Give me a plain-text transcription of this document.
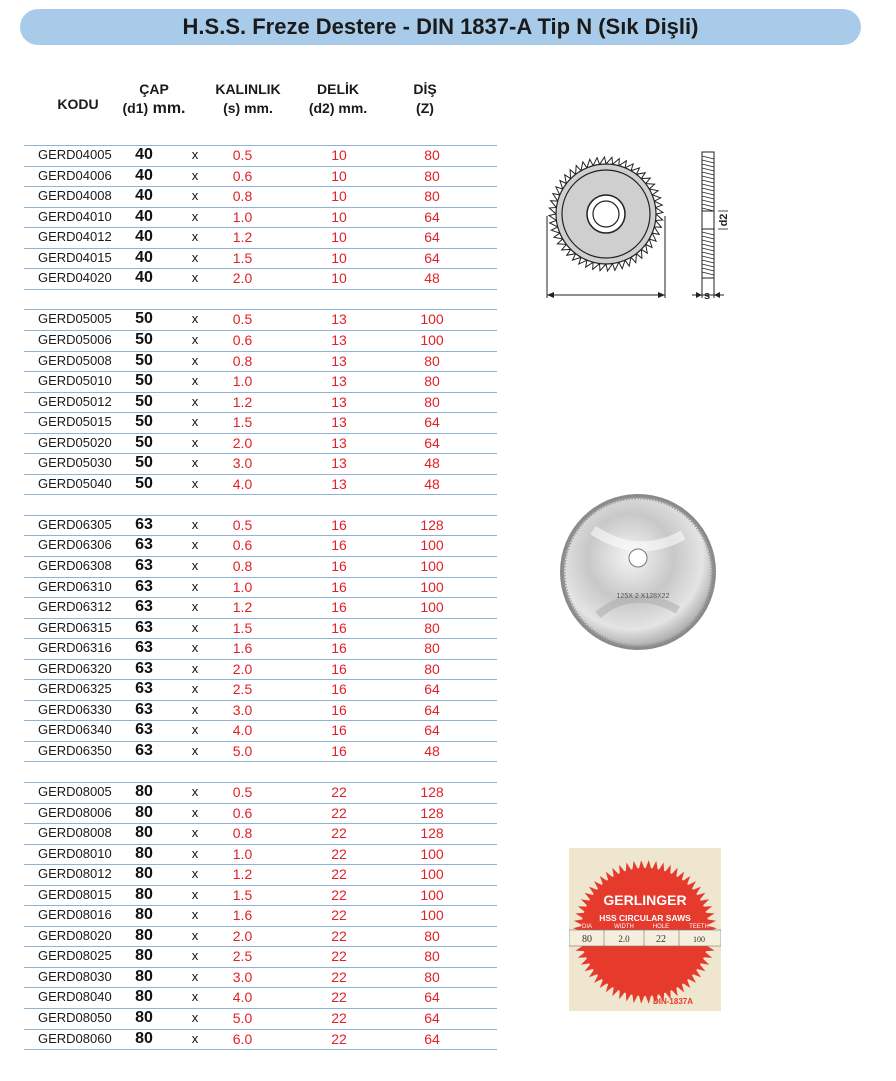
H.S.S. Freze Destere - DIN 1837-A Tip N (Sık Dişli)
KODU
ÇAP
(d1) mm.
KALINLIK
(s) mm.
DELİK
(d2) mm.
DİŞ
(Z)
GERD04005 40	x	0.5	10	80
GERD04006 40	x	0.6	10	80
GERD04008 40	x	0.8	10	80
GERD04010 40	x	1.0	10	64
GERD04012 40	x	1.2	10	64
GERD04015 40	x	1.5	10	64
GERD04020 40	x	2.0	10	48
GERD05005 50	x	0.5	13	100
GERD05006 50	x	0.6	13	100
GERD05008 50	x	0.8	13	80
GERD05010 50	x	1.0	13	80
GERD05012 50	x	1.2	13	80
GERD05015 50	x	1.5	13	64
GERD05020 50	x	2.0	13	64
GERD05030 50	x	3.0	13	48
GERD05040 50	x	4.0	13	48
GERD06305 63	x	0.5	16	128
GERD06306 63	x	0.6	16	100
GERD06308 63	x	0.8	16	100
GERD06310 63	x	1.0	16	100
GERD06312 63	x	1.2	16	100
GERD06315 63	x	1.5	16	80
GERD06316 63	x	1.6	16	80
GERD06320 63	x	2.0	16	80
GERD06325 63	x	2.5	16	64
GERD06330 63	x	3.0	16	64
GERD06340 63	x	4.0	16	64
GERD06350 63	x	5.0	16	48
GERD08005 80	x	0.5	22	128
GERD08006 80	x	0.6	22	128
GERD08008 80	x	0.8	22	128
GERD08010 80	x	1.0	22	100
GERD08012 80	x	1.2	22	100
GERD08015 80	x	1.5	22	100
GERD08016 80	x	1.6	22	100
GERD08020 80	x	2.0	22	80
GERD08025 80	x	2.5	22	80
GERD08030 80	x	3.0	22	80
GERD08040 80	x	4.0	22	64
GERD08050 80	x	5.0	22	64
GERD08060 80	x	6.0	22	64
d2
s
125X 2 X128X22
GERLINGER
HSS CIRCULAR SAWS
DIA	WIDTH	HOLE	TEETH
80	2.0	22	100
DIN-1837A
